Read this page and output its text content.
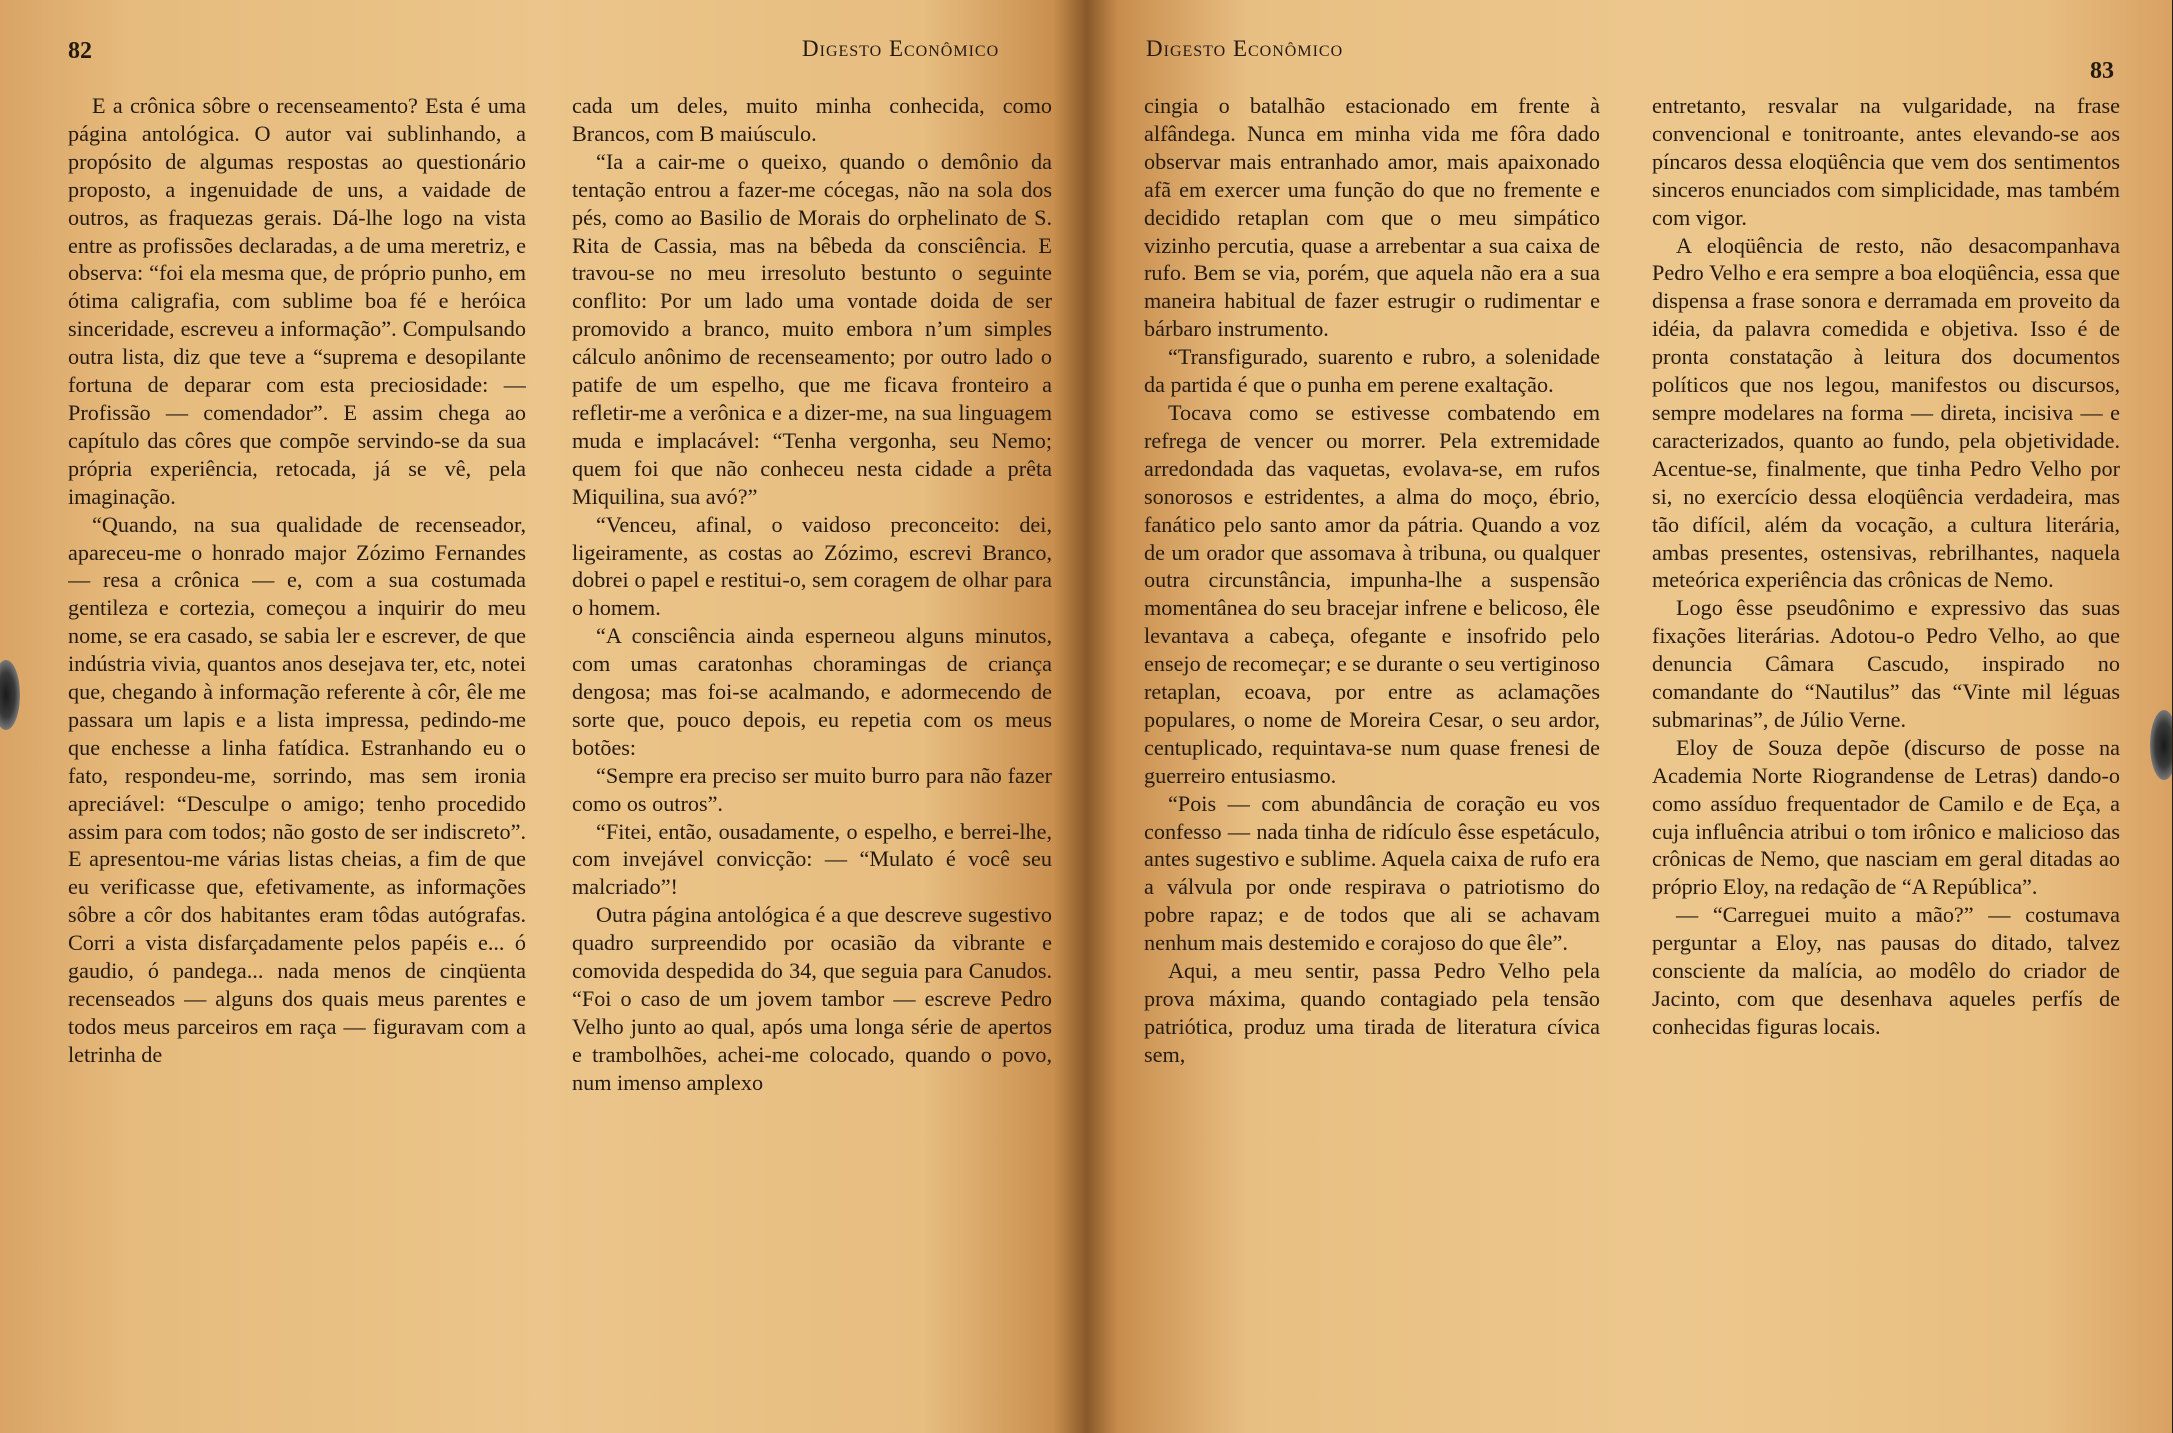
82	Digesto Econômico

E a crônica sôbre o recenseamento? Esta é uma página antológica. O autor vai sublinhando, a propósito de algumas respostas ao questionário proposto, a ingenuidade de uns, a vaidade de outros, as fraquezas gerais. Dá-lhe logo na vista entre as profissões declaradas, a de uma meretriz, e observa: “foi ela mesma que, de próprio punho, em ótima caligrafia, com sublime boa fé e heróica sinceridade, escreveu a informação”. Compulsando outra lista, diz que teve a “suprema e desopilante fortuna de deparar com esta preciosidade: — Profissão — comendador”. E assim chega ao capítulo das côres que compõe servindo-se da sua própria experiência, retocada, já se vê, pela imaginação.

“Quando, na sua qualidade de recenseador, apareceu-me o honrado major Zózimo Fernandes — resa a crônica — e, com a sua costumada gentileza e cortezia, começou a inquirir do meu nome, se era casado, se sabia ler e escrever, de que indústria vivia, quantos anos desejava ter, etc, notei que, chegando à informação referente à côr, êle me passara um lapis e a lista impressa, pedindo-me que enchesse a linha fatídica. Estranhando eu o fato, respondeu-me, sorrindo, mas sem ironia apreciável: “Desculpe o amigo; tenho procedido assim para com todos; não gosto de ser indiscreto”. E apresentou-me várias listas cheias, a fim de que eu verificasse que, efetivamente, as informações sôbre a côr dos habitantes eram tôdas autógrafas. Corri a vista disfarçadamente pelos papéis e... ó gaudio, ó pandega... nada menos de cinqüenta recenseados — alguns dos quais meus parentes e todos meus parceiros em raça — figuravam com a letrinha de

cada um deles, muito minha conhecida, como Brancos, com B maiúsculo.

“Ia a cair-me o queixo, quando o demônio da tentação entrou a fazer-me cócegas, não na sola dos pés, como ao Basilio de Morais do orphelinato de S. Rita de Cassia, mas na bêbeda da consciência. E travou-se no meu irresoluto bestunto o seguinte conflito: Por um lado uma vontade doida de ser promovido a branco, muito embora n’um simples cálculo anônimo de recenseamento; por outro lado o patife de um espelho, que me ficava fronteiro a refletir-me a verônica e a dizer-me, na sua linguagem muda e implacável: “Tenha vergonha, seu Nemo; quem foi que não conheceu nesta cidade a prêta Miquilina, sua avó?”

“Venceu, afinal, o vaidoso preconceito: dei, ligeiramente, as costas ao Zózimo, escrevi Branco, dobrei o papel e restitui-o, sem coragem de olhar para o homem.

“A consciência ainda esperneou alguns minutos, com umas caratonhas choramingas de criança dengosa; mas foi-se acalmando, e adormecendo de sorte que, pouco depois, eu repetia com os meus botões:

“Sempre era preciso ser muito burro para não fazer como os outros”.

“Fitei, então, ousadamente, o espelho, e berrei-lhe, com invejável convicção: — “Mulato é você seu malcriado”!

Outra página antológica é a que descreve sugestivo quadro surpreendido por ocasião da vibrante e comovida despedida do 34, que seguia para Canudos. “Foi o caso de um jovem tambor — escreve Pedro Velho junto ao qual, após uma longa série de apertos e trambolhões, achei-me colocado, quando o povo, num imenso amplexo

Digesto Econômico
83

cingia o batalhão estacionado em frente à alfândega. Nunca em minha vida me fôra dado observar mais entranhado amor, mais apaixonado afã em exercer uma função do que no fremente e decidido retaplan com que o meu simpático vizinho percutia, quase a arrebentar a sua caixa de rufo. Bem se via, porém, que aquela não era a sua maneira habitual de fazer estrugir o rudimentar e bárbaro instrumento.

“Transfigurado, suarento e rubro, a solenidade da partida é que o punha em perene exaltação.

Tocava como se estivesse combatendo em refrega de vencer ou morrer. Pela extremidade arredondada das vaquetas, evolava-se, em rufos sonorosos e estridentes, a alma do moço, ébrio, fanático pelo santo amor da pátria. Quando a voz de um orador que assomava à tribuna, ou qualquer outra circunstância, impunha-lhe a suspensão momentânea do seu bracejar infrene e belicoso, êle levantava a cabeça, ofegante e insofrido pelo ensejo de recomeçar; e se durante o seu vertiginoso retaplan, ecoava, por entre as aclamações populares, o nome de Moreira Cesar, o seu ardor, centuplicado, requintava-se num quase frenesi de guerreiro entusiasmo.

“Pois — com abundância de coração eu vos confesso — nada tinha de ridículo êsse espetáculo, antes sugestivo e sublime. Aquela caixa de rufo era a válvula por onde respirava o patriotismo do pobre rapaz; e de todos que ali se achavam nenhum mais destemido e corajoso do que êle”.

Aqui, a meu sentir, passa Pedro Velho pela prova máxima, quando contagiado pela tensão patriótica, produz uma tirada de literatura cívica sem,

entretanto, resvalar na vulgaridade, na frase convencional e tonitroante, antes elevando-se aos píncaros dessa eloqüência que vem dos sentimentos sinceros enunciados com simplicidade, mas também com vigor.

A eloqüência de resto, não desacompanhava Pedro Velho e era sempre a boa eloqüência, essa que dispensa a frase sonora e derramada em proveito da idéia, da palavra comedida e objetiva. Isso é de pronta constatação à leitura dos documentos políticos que nos legou, manifestos ou discursos, sempre modelares na forma — direta, incisiva — e caracterizados, quanto ao fundo, pela objetividade. Acentue-se, finalmente, que tinha Pedro Velho por si, no exercício dessa eloqüência verdadeira, mas tão difícil, além da vocação, a cultura literária, ambas presentes, ostensivas, rebrilhantes, naquela meteórica experiência das crônicas de Nemo.

Logo êsse pseudônimo e expressivo das suas fixações literárias. Adotou-o Pedro Velho, ao que denuncia Câmara Cascudo, inspirado no comandante do “Nautilus” das “Vinte mil léguas submarinas”, de Júlio Verne.

Eloy de Souza depõe (discurso de posse na Academia Norte Riograndense de Letras) dando-o como assíduo frequentador de Camilo e de Eça, a cuja influência atribui o tom irônico e malicioso das crônicas de Nemo, que nasciam em geral ditadas ao próprio Eloy, na redação de “A República”.

— “Carreguei muito a mão?” — costumava perguntar a Eloy, nas pausas do ditado, talvez consciente da malícia, ao modêlo do criador de Jacinto, com que desenhava aqueles perfís de conhecidas figuras locais.
